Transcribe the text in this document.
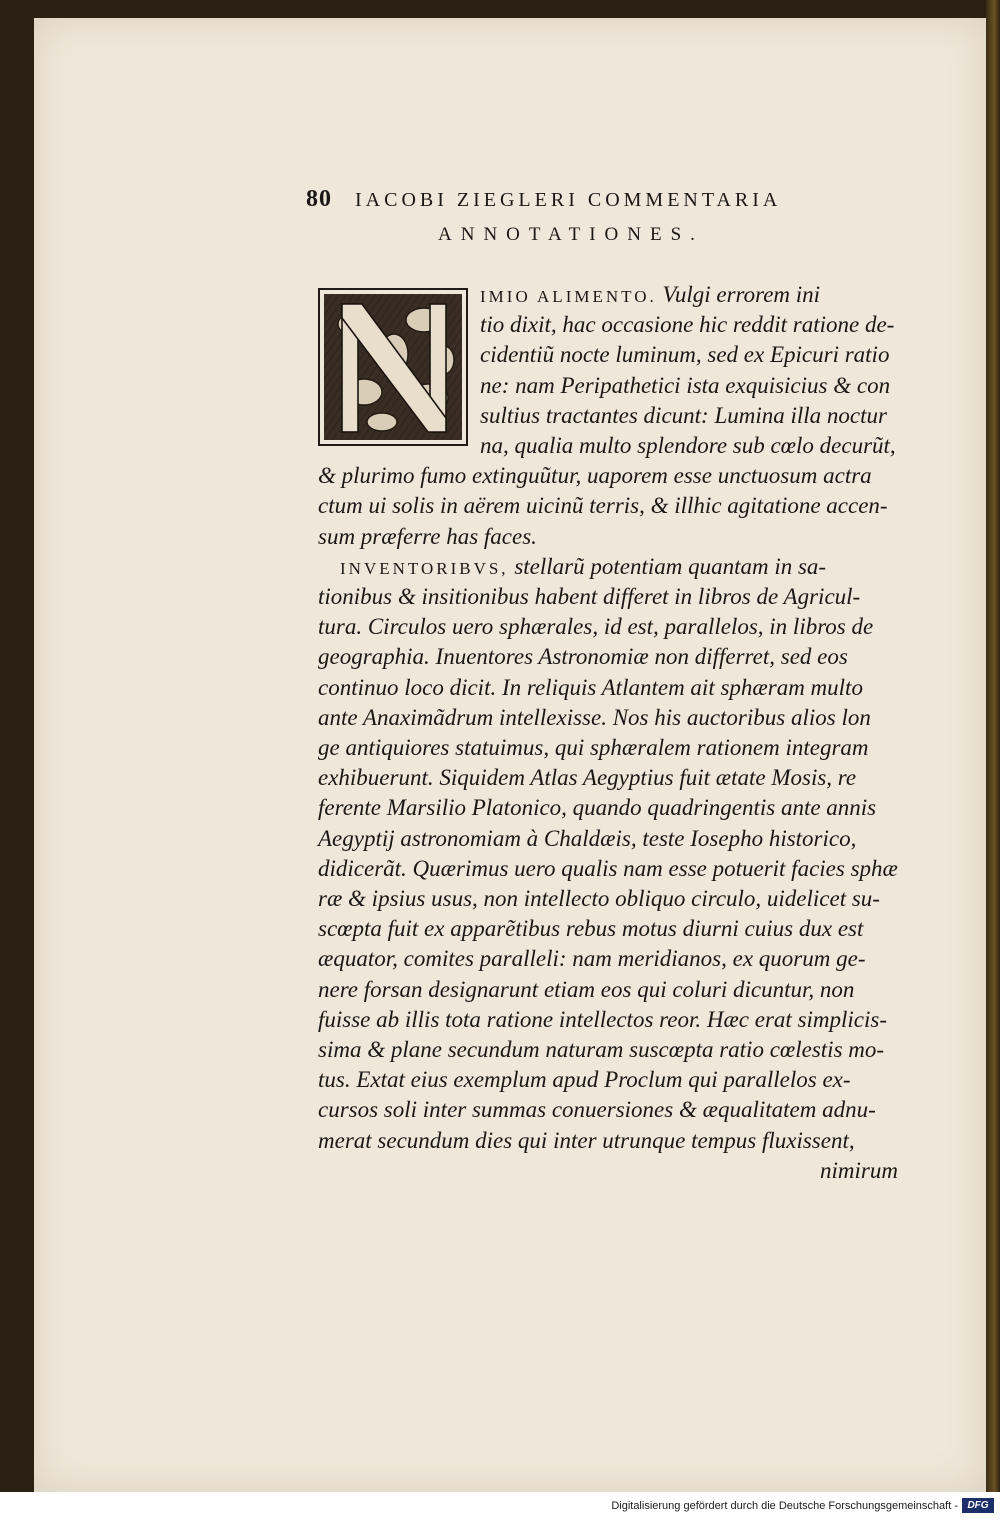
80 IACOBI ZIEGLERI COMMENTARIA
ANNOTATIONES.
IMIO ALIMENTO. Vulgi errorem ini
tio dixit, hac occasione hic reddit ratione de-
cidentiũ nocte luminum, sed ex Epicuri ratio
ne: nam Peripathetici ista exquisicius & con
sultius tractantes dicunt: Lumina illa noctur
na, qualia multo splendore sub cœlo decurũt,
& plurimo fumo extinguũtur, uaporem esse unctuosum actra
ctum ui solis in aërem uicinũ terris, & illhic agitatione accen-
sum præferre has faces.
INVENTORIBVS, stellarũ potentiam quantam in sa-
tionibus & insitionibus habent differet in libros de Agricul-
tura. Circulos uero sphærales, id est, parallelos, in libros de
geographia. Inuentores Astronomiæ non differret, sed eos
continuo loco dicit. In reliquis Atlantem ait sphæram multo
ante Anaximãdrum intellexisse. Nos his auctoribus alios lon
ge antiquiores statuimus, qui sphæralem rationem integram
exhibuerunt. Siquidem Atlas Aegyptius fuit ætate Mosis, re
ferente Marsilio Platonico, quando quadringentis ante annis
Aegyptij astronomiam à Chaldæis, teste Iosepho historico,
didicerãt. Quærimus uero qualis nam esse potuerit facies sphæ
ræ & ipsius usus, non intellecto obliquo circulo, uidelicet su-
scœpta fuit ex apparẽtibus rebus motus diurni cuius dux est
æquator, comites paralleli: nam meridianos, ex quorum ge-
nere forsan designarunt etiam eos qui coluri dicuntur, non
fuisse ab illis tota ratione intellectos reor. Hæc erat simplicis-
sima & plane secundum naturam suscœpta ratio cœlestis mo-
tus. Extat eius exemplum apud Proclum qui parallelos ex-
cursos soli inter summas conuersiones & æqualitatem adnu-
merat secundum dies qui inter utrunque tempus fluxissent,
nimirum
Digitalisierung gefördert durch die Deutsche Forschungsgemeinschaft - DFG
